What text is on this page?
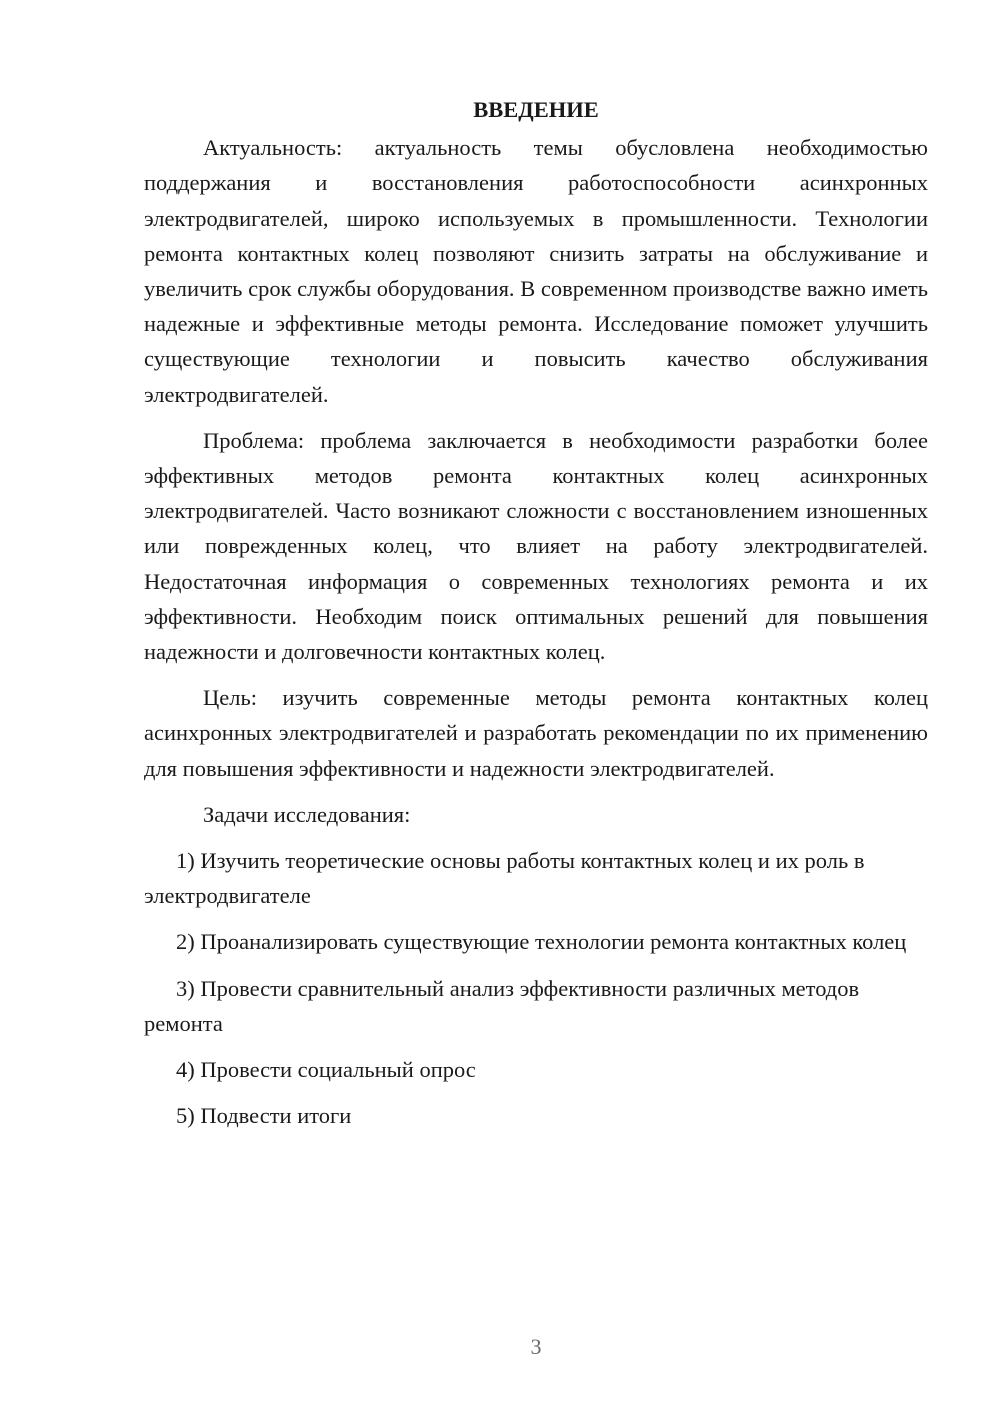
ВВЕДЕНИЕ

Актуальность: актуальность темы обусловлена необходимостью поддержания и восстановления работоспособности асинхронных электродвигателей, широко используемых в промышленности. Технологии ремонта контактных колец позволяют снизить затраты на обслуживание и увеличить срок службы оборудования. В современном производстве важно иметь надежные и эффективные методы ремонта. Исследование поможет улучшить существующие технологии и повысить качество обслуживания электродвигателей.

Проблема: проблема заключается в необходимости разработки более эффективных методов ремонта контактных колец асинхронных электродвигателей. Часто возникают сложности с восстановлением изношенных или поврежденных колец, что влияет на работу электродвигателей. Недостаточная информация о современных технологиях ремонта и их эффективности. Необходим поиск оптимальных решений для повышения надежности и долговечности контактных колец.

Цель: изучить современные методы ремонта контактных колец асинхронных электродвигателей и разработать рекомендации по их применению для повышения эффективности и надежности электродвигателей.

Задачи исследования:

1) Изучить теоретические основы работы контактных колец и их роль в электродвигателе

2) Проанализировать существующие технологии ремонта контактных колец

3) Провести сравнительный анализ эффективности различных методов ремонта

4) Провести социальный опрос

5) Подвести итоги

3
